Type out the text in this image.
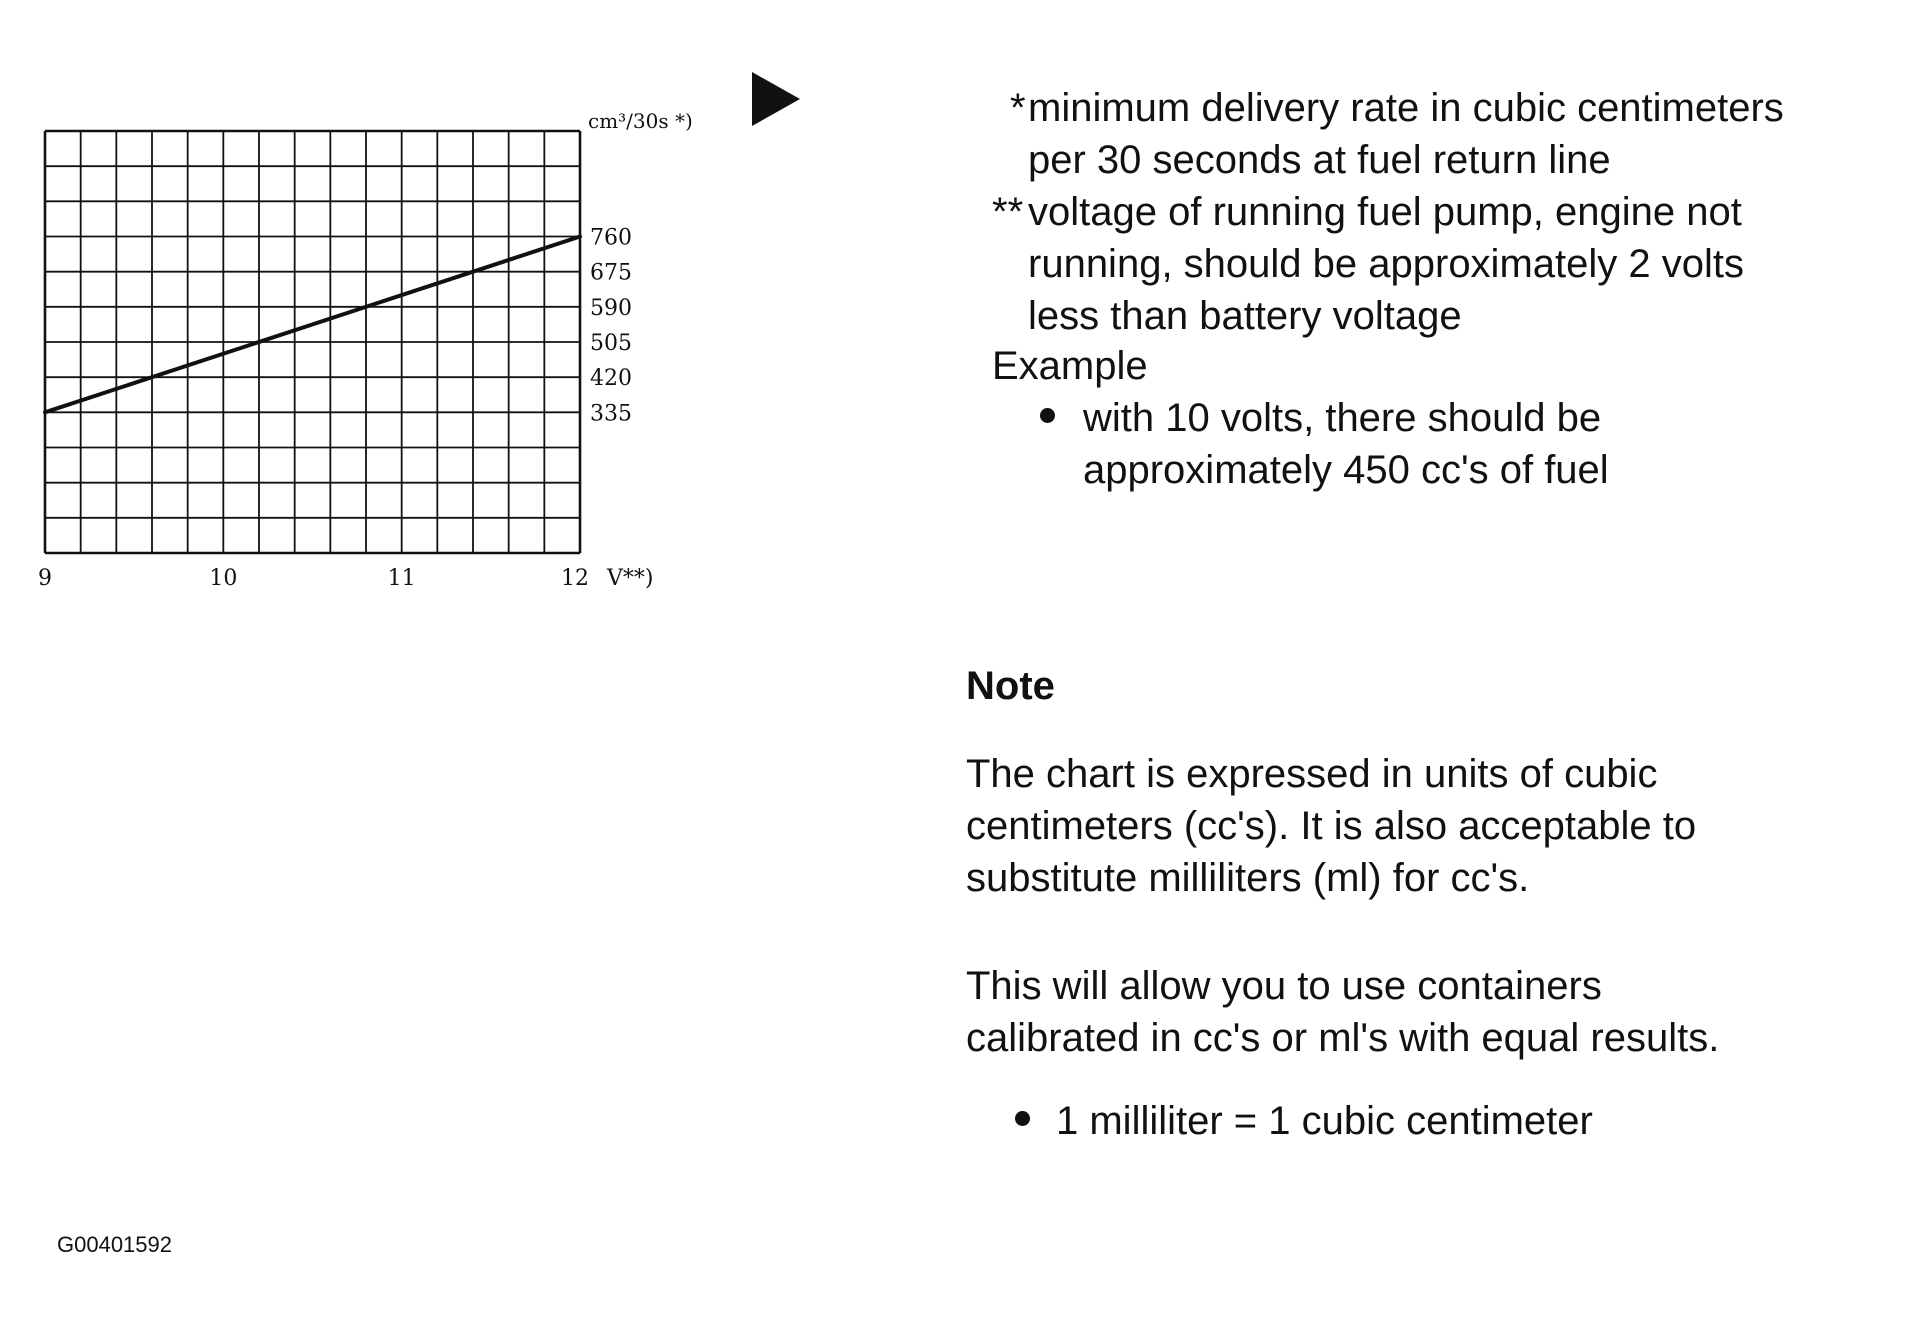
335
420
505
590
675
760
9	10	11	12
cm³/30s *)
V**)
* minimum delivery rate in cubic centimeters
per 30 seconds at fuel return line
** voltage of running fuel pump, engine not
running, should be approximately 2 volts
less than battery voltage
Example
with 10 volts, there should be
approximately 450 cc's of fuel
Note
The chart is expressed in units of cubic
centimeters (cc's). It is also acceptable to
substitute milliliters (ml) for cc's.
This will allow you to use containers
calibrated in cc's or ml's with equal results.
1 milliliter = 1 cubic centimeter
G00401592
